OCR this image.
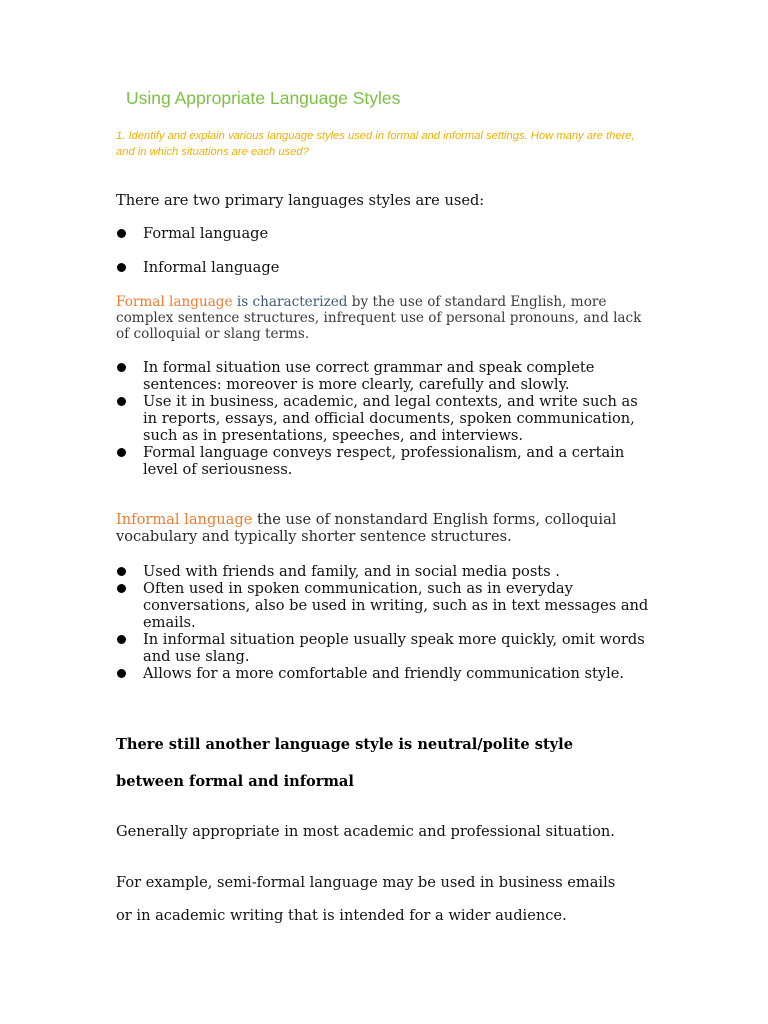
Using Appropriate Language Styles
1. Identify and explain various language styles used in formal and informal settings. How many are there, and in which situations are each used?
There are two primary languages styles are used:
Formal language
Informal language
Formal language is characterized by the use of standard English, more complex sentence structures, infrequent use of personal pronouns, and lack of colloquial or slang terms.
In formal situation use correct grammar and speak complete sentences: moreover is more clearly, carefully and slowly.
Use it in business, academic, and legal contexts, and write such as in reports, essays, and official documents, spoken communication, such as in presentations, speeches, and interviews.
Formal language conveys respect, professionalism, and a certain level of seriousness.
Informal language the use of nonstandard English forms, colloquial vocabulary and typically shorter sentence structures.
Used with friends and family, and in social media posts .
Often used in spoken communication, such as in everyday conversations, also be used in writing, such as in text messages and emails.
In informal situation people usually speak more quickly, omit words and use slang.
Allows for a more comfortable and friendly communication style.
There still another language style is neutral/polite style
between formal and informal
Generally appropriate in most academic and professional situation.
For example, semi-formal language may be used in business emails
or in academic writing that is intended for a wider audience.
